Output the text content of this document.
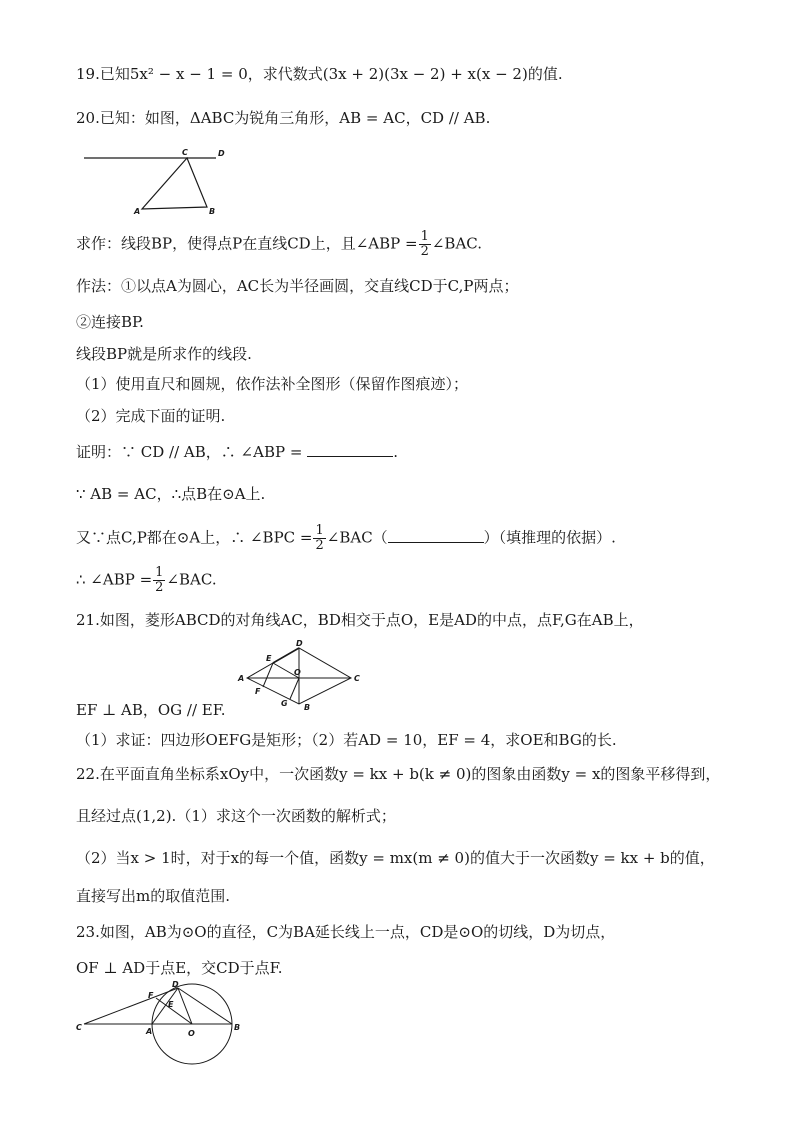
19.已知5x² − x − 1 = 0，求代数式(3x + 2)(3x − 2) + x(x − 2)的值.
20.已知：如图，ΔABC为锐角三角形，AB = AC，CD // AB.
C	D
A	B
求作：线段BP，使得点P在直线CD上，且∠ABP = $\frac{1}{2}$ ∠BAC.
作法：①以点A为圆心，AC长为半径画圆，交直线CD于C,P两点；
②连接BP.
线段BP就是所求作的线段.
（1）使用直尺和圆规，依作法补全图形（保留作图痕迹）；
（2）完成下面的证明.
证明：∵ CD // AB，∴ ∠ABP =	.
∵ AB = AC，∴点B在⊙A上.
又∵点C,P都在⊙A上，∴ ∠BPC = $\frac{1}{2}$ ∠BAC（	）（填推理的依据）.
∴ ∠ABP = $\frac{1}{2}$ ∠BAC.
21.如图，菱形ABCD的对角线AC，BD相交于点O，E是AD的中点，点F,G在AB上，
A	C
D
B
E
F
G
O
EF ⊥ AB，OG // EF.
（1）求证：四边形OEFG是矩形；（2）若AD = 10，EF = 4，求OE和BG的长.
22.在平面直角坐标系xOy中，一次函数y = kx + b(k ≠ 0)的图象由函数y = x的图象平移得到，
且经过点(1,2).（1）求这个一次函数的解析式；
（2）当x > 1时，对于x的每一个值，函数y = mx(m ≠ 0)的值大于一次函数y = kx + b的值，
直接写出m的取值范围.
23.如图，AB为⊙O的直径，C为BA延长线上一点，CD是⊙O的切线，D为切点，
OF ⊥ AD于点E，交CD于点F.
C	A	O
B
D
E
F
